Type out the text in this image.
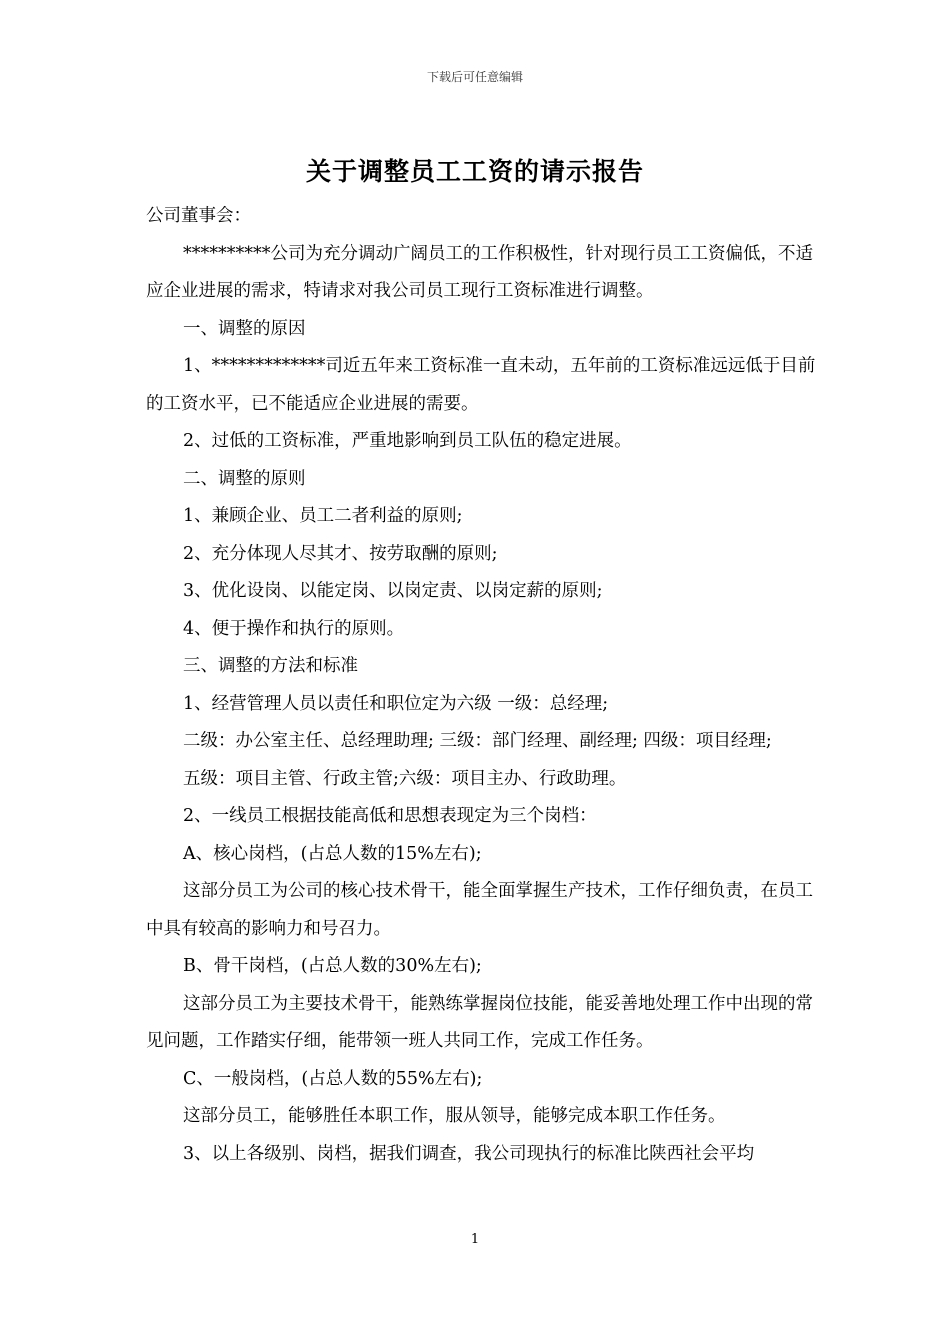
下载后可任意编辑
关于调整员工工资的请示报告

公司董事会：

**********公司为充分调动广阔员工的工作积极性，针对现行员工工资偏低，不适应企业进展的需求，特请求对我公司员工现行工资标准进行调整。

一、调整的原因

1、*************司近五年来工资标准一直未动，五年前的工资标准远远低于目前的工资水平，已不能适应企业进展的需要。

2、过低的工资标准，严重地影响到员工队伍的稳定进展。

二、调整的原则

1、兼顾企业、员工二者利益的原则;

2、充分体现人尽其才、按劳取酬的原则;

3、优化设岗、以能定岗、以岗定责、以岗定薪的原则;

4、便于操作和执行的原则。

三、调整的方法和标准

1、经营管理人员以责任和职位定为六级 一级：总经理;

二级：办公室主任、总经理助理; 三级：部门经理、副经理; 四级：项目经理;

五级：项目主管、行政主管;六级：项目主办、行政助理。

2、一线员工根据技能高低和思想表现定为三个岗档：

A、核心岗档，(占总人数的15%左右);

这部分员工为公司的核心技术骨干，能全面掌握生产技术，工作仔细负责，在员工中具有较高的影响力和号召力。

B、骨干岗档，(占总人数的30%左右);

这部分员工为主要技术骨干，能熟练掌握岗位技能，能妥善地处理工作中出现的常见问题，工作踏实仔细，能带领一班人共同工作，完成工作任务。

C、一般岗档，(占总人数的55%左右);

这部分员工，能够胜任本职工作，服从领导，能够完成本职工作任务。

3、以上各级别、岗档，据我们调查，我公司现执行的标准比陕西社会平均

1
